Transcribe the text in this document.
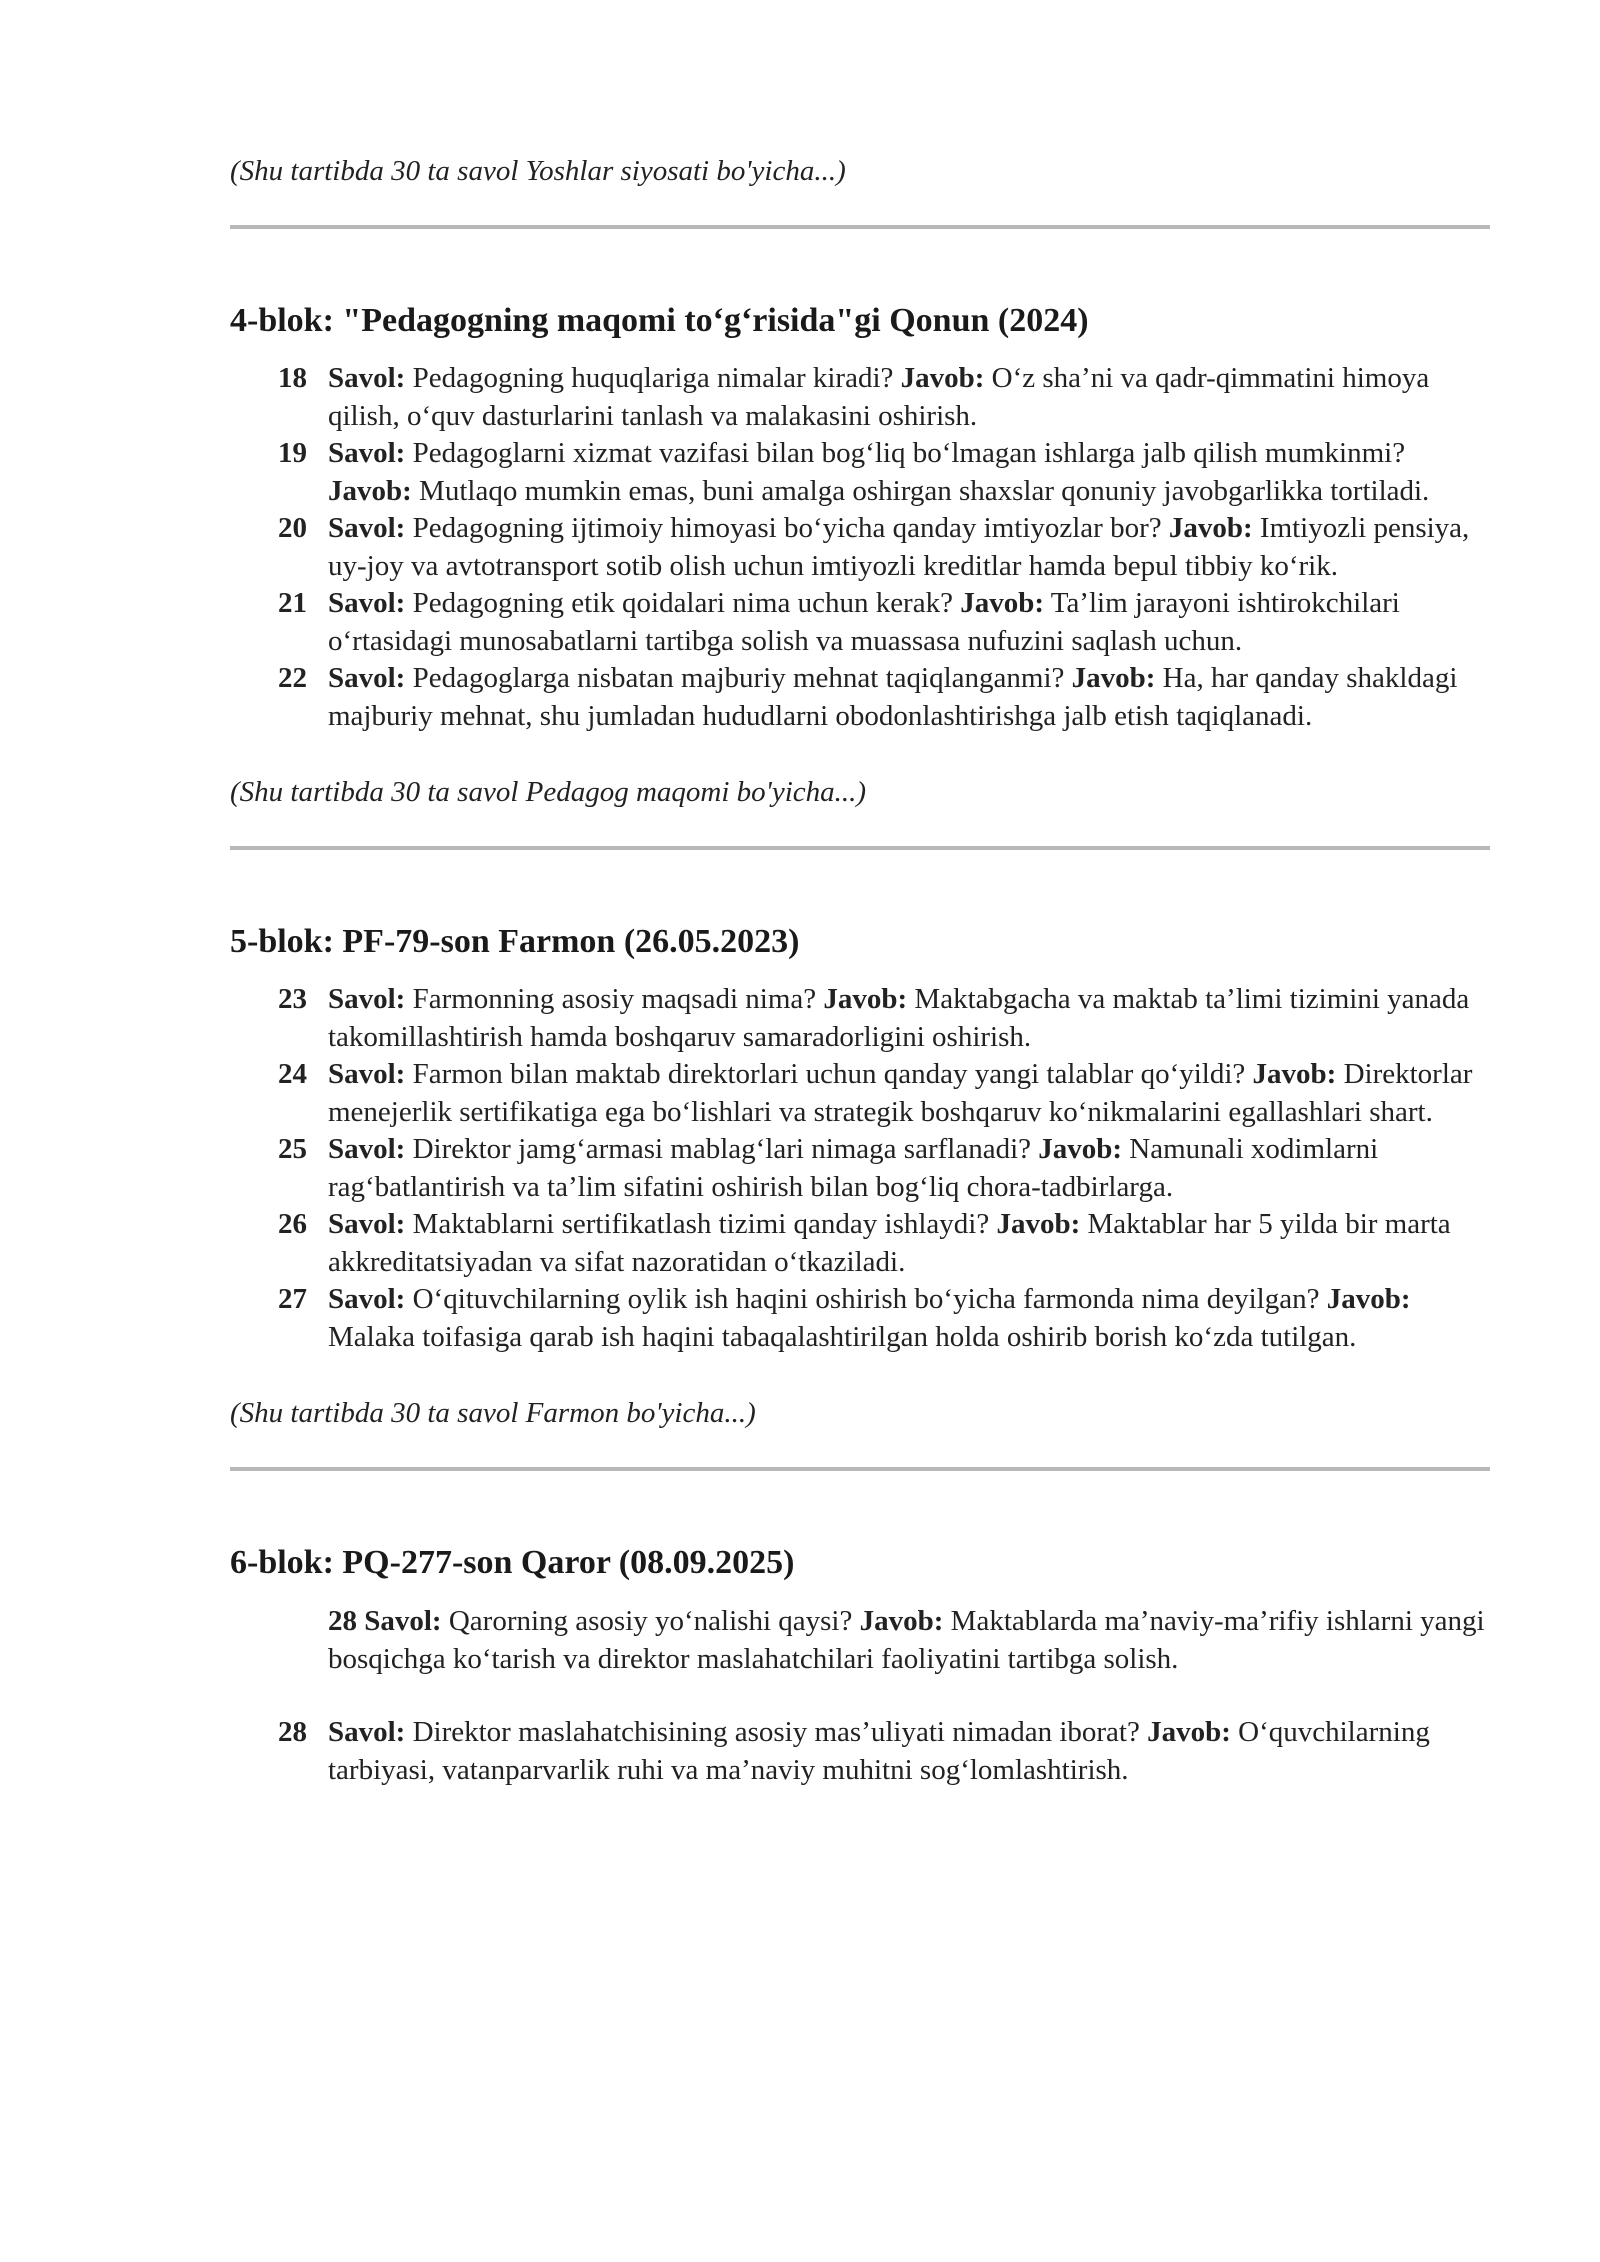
(Shu tartibda 30 ta savol Yoshlar siyosati bo'yicha...)

4-blok: "Pedagogning maqomi to‘g‘risida"gi Qonun (2024)
18 Savol: Pedagogning huquqlariga nimalar kiradi? Javob: O‘z sha’ni va qadr-qimmatini himoya qilish, o‘quv dasturlarini tanlash va malakasini oshirish.
19 Savol: Pedagoglarni xizmat vazifasi bilan bog‘liq bo‘lmagan ishlarga jalb qilish mumkinmi? Javob: Mutlaqo mumkin emas, buni amalga oshirgan shaxslar qonuniy javobgarlikka tortiladi.
20 Savol: Pedagogning ijtimoiy himoyasi bo‘yicha qanday imtiyozlar bor? Javob: Imtiyozli pensiya, uy-joy va avtotransport sotib olish uchun imtiyozli kreditlar hamda bepul tibbiy ko‘rik.
21 Savol: Pedagogning etik qoidalari nima uchun kerak? Javob: Ta’lim jarayoni ishtirokchilari o‘rtasidagi munosabatlarni tartibga solish va muassasa nufuzini saqlash uchun.
22 Savol: Pedagoglarga nisbatan majburiy mehnat taqiqlanganmi? Javob: Ha, har qanday shakldagi majburiy mehnat, shu jumladan hududlarni obodonlashtirishga jalb etish taqiqlanadi.

(Shu tartibda 30 ta savol Pedagog maqomi bo'yicha...)

5-blok: PF-79-son Farmon (26.05.2023)
23 Savol: Farmonning asosiy maqsadi nima? Javob: Maktabgacha va maktab ta’limi tizimini yanada takomillashtirish hamda boshqaruv samaradorligini oshirish.
24 Savol: Farmon bilan maktab direktorlari uchun qanday yangi talablar qo‘yildi? Javob: Direktorlar menejerlik sertifikatiga ega bo‘lishlari va strategik boshqaruv ko‘nikmalarini egallashlari shart.
25 Savol: Direktor jamg‘armasi mablag‘lari nimaga sarflanadi? Javob: Namunali xodimlarni rag‘batlantirish va ta’lim sifatini oshirish bilan bog‘liq chora-tadbirlarga.
26 Savol: Maktablarni sertifikatlash tizimi qanday ishlaydi? Javob: Maktablar har 5 yilda bir marta akkreditatsiyadan va sifat nazoratidan o‘tkaziladi.
27 Savol: O‘qituvchilarning oylik ish haqini oshirish bo‘yicha farmonda nima deyilgan? Javob: Malaka toifasiga qarab ish haqini tabaqalashtirilgan holda oshirib borish ko‘zda tutilgan.

(Shu tartibda 30 ta savol Farmon bo'yicha...)

6-blok: PQ-277-son Qaror (08.09.2025)

28 Savol: Qarorning asosiy yo‘nalishi qaysi? Javob: Maktablarda ma’naviy-ma’rifiy ishlarni yangi bosqichga ko‘tarish va direktor maslahatchilari faoliyatini tartibga solish.

28 Savol: Direktor maslahatchisining asosiy mas’uliyati nimadan iborat? Javob: O‘quvchilarning tarbiyasi, vatanparvarlik ruhi va ma’naviy muhitni sog‘lomlashtirish.
